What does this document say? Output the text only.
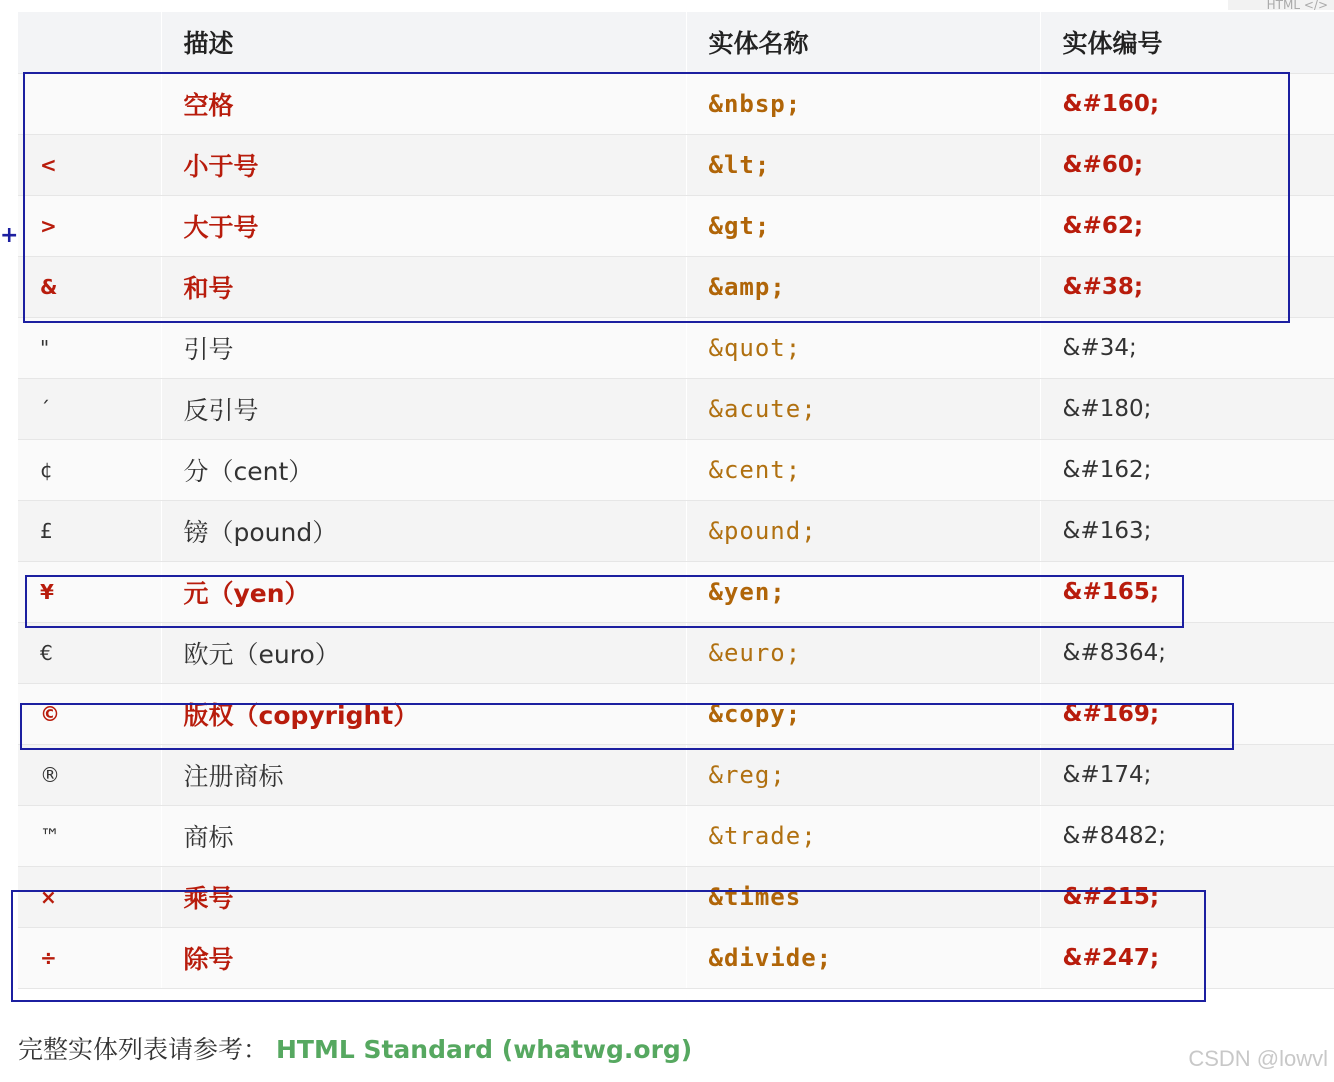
HTML </>
+
	描述	实体名称	实体编号
	空格	&nbsp;	&#160;
<	小于号	&lt;	&#60;
>	大于号	&gt;	&#62;
&	和号	&amp;	&#38;
"	引号	&quot;	&#34;
´	反引号	&acute;	&#180;
¢	分（cent）	&cent;	&#162;
£	镑（pound）	&pound;	&#163;
¥	元（yen）	&yen;	&#165;
€	欧元（euro）	&euro;	&#8364;
©	版权（copyright）	&copy;	&#169;
®	注册商标	&reg;	&#174;
™	商标	&trade;	&#8482;
×	乘号	&times	&#215;
÷	除号	&divide;	&#247;
完整实体列表请参考： HTML Standard (whatwg.org)	CSDN @lowvl
